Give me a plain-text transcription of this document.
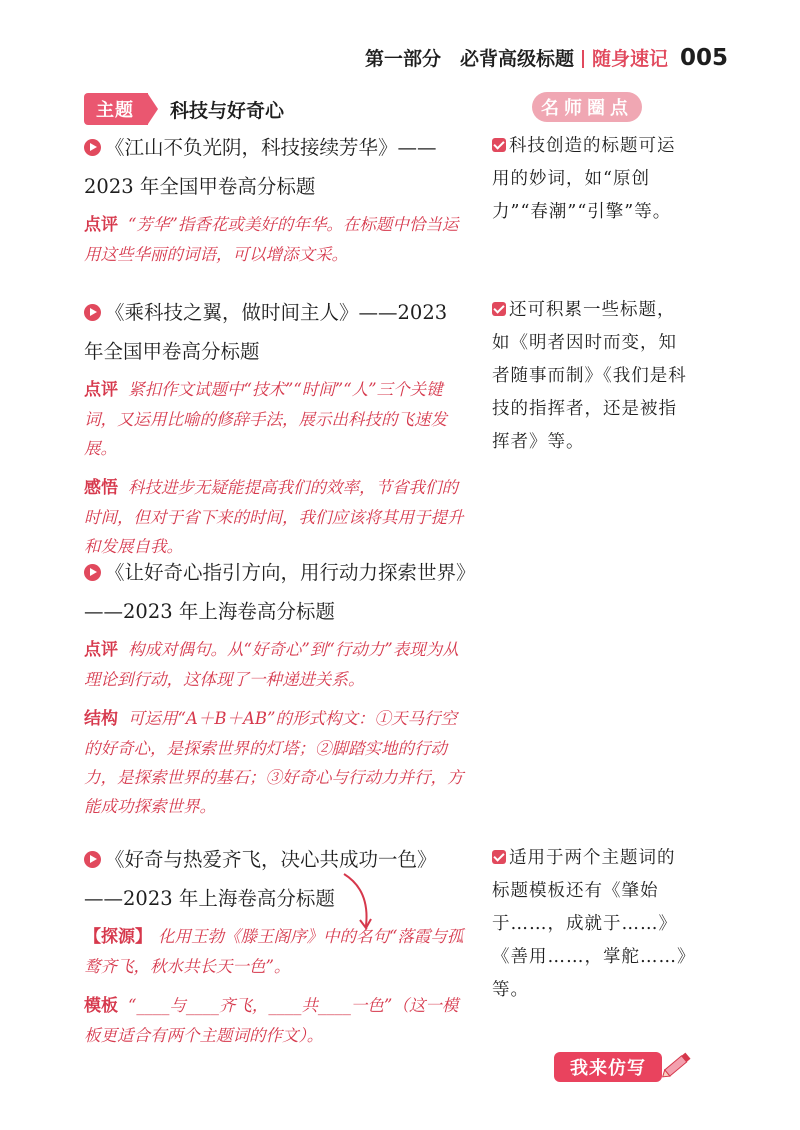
第一部分　必背高级标题 随身速记 005
主题	科技与好奇心	名师圈点
《江山不负光阴，科技接续芳华》——2023 年全国甲卷高分标题
点评 “芳华”指香花或美好的年华。在标题中恰当运用这些华丽的词语，可以增添文采。
《乘科技之翼，做时间主人》——2023 年全国甲卷高分标题
点评 紧扣作文试题中“技术”“时间”“人”三个关键词，又运用比喻的修辞手法，展示出科技的飞速发展。
感悟 科技进步无疑能提高我们的效率，节省我们的时间，但对于省下来的时间，我们应该将其用于提升和发展自我。
《让好奇心指引方向，用行动力探索世界》——2023 年上海卷高分标题
点评 构成对偶句。从“好奇心”到“行动力”表现为从理论到行动，这体现了一种递进关系。
结构 可运用“A＋B＋AB”的形式构文：①天马行空的好奇心，是探索世界的灯塔；②脚踏实地的行动力，是探索世界的基石；③好奇心与行动力并行，方能成功探索世界。
《好奇与热爱齐飞，决心共成功一色》——2023 年上海卷高分标题
【探源】 化用王勃《滕王阁序》中的名句“落霞与孤鹜齐飞，秋水共长天一色”。
模板 “____与____齐飞，____共____一色”（这一模板更适合有两个主题词的作文）。
科技创造的标题可运用的妙词，如“原创力”“春潮”“引擎”等。
还可积累一些标题，如《明者因时而变，知者随事而制》《我们是科技的指挥者，还是被指挥者》等。
适用于两个主题词的标题模板还有《肇始于……，成就于……》《善用……，掌舵……》等。
我来仿写
